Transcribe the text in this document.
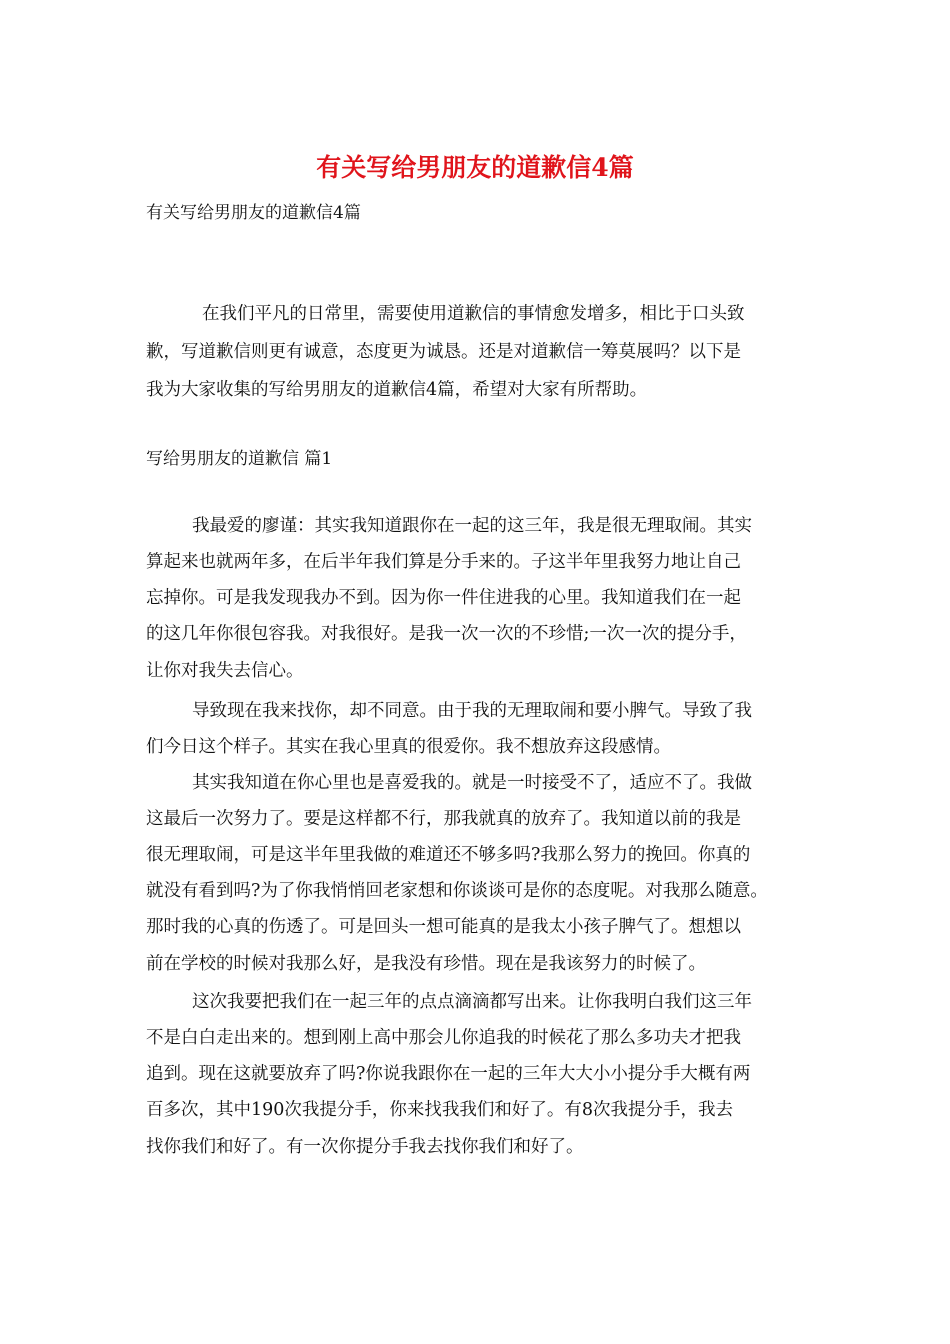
有关写给男朋友的道歉信4篇

有关写给男朋友的道歉信4篇

在我们平凡的日常里，需要使用道歉信的事情愈发增多，相比于口头致

歉，写道歉信则更有诚意，态度更为诚恳。还是对道歉信一筹莫展吗？以下是

我为大家收集的写给男朋友的道歉信4篇，希望对大家有所帮助。

写给男朋友的道歉信 篇1

我最爱的廖谨：其实我知道跟你在一起的这三年，我是很无理取闹。其实

算起来也就两年多，在后半年我们算是分手来的。子这半年里我努力地让自己

忘掉你。可是我发现我办不到。因为你一件住进我的心里。我知道我们在一起

的这几年你很包容我。对我很好。是我一次一次的不珍惜;一次一次的提分手，

让你对我失去信心。

导致现在我来找你，却不同意。由于我的无理取闹和要小脾气。导致了我

们今日这个样子。其实在我心里真的很爱你。我不想放弃这段感情。

其实我知道在你心里也是喜爱我的。就是一时接受不了，适应不了。我做

这最后一次努力了。要是这样都不行，那我就真的放弃了。我知道以前的我是

很无理取闹，可是这半年里我做的难道还不够多吗?我那么努力的挽回。你真的

就没有看到吗?为了你我悄悄回老家想和你谈谈可是你的态度呢。对我那么随意。

那时我的心真的伤透了。可是回头一想可能真的是我太小孩子脾气了。想想以

前在学校的时候对我那么好，是我没有珍惜。现在是我该努力的时候了。

这次我要把我们在一起三年的点点滴滴都写出来。让你我明白我们这三年

不是白白走出来的。想到刚上高中那会儿你追我的时候花了那么多功夫才把我

追到。现在这就要放弃了吗?你说我跟你在一起的三年大大小小提分手大概有两

百多次，其中190次我提分手，你来找我我们和好了。有8次我提分手，我去

找你我们和好了。有一次你提分手我去找你我们和好了。
